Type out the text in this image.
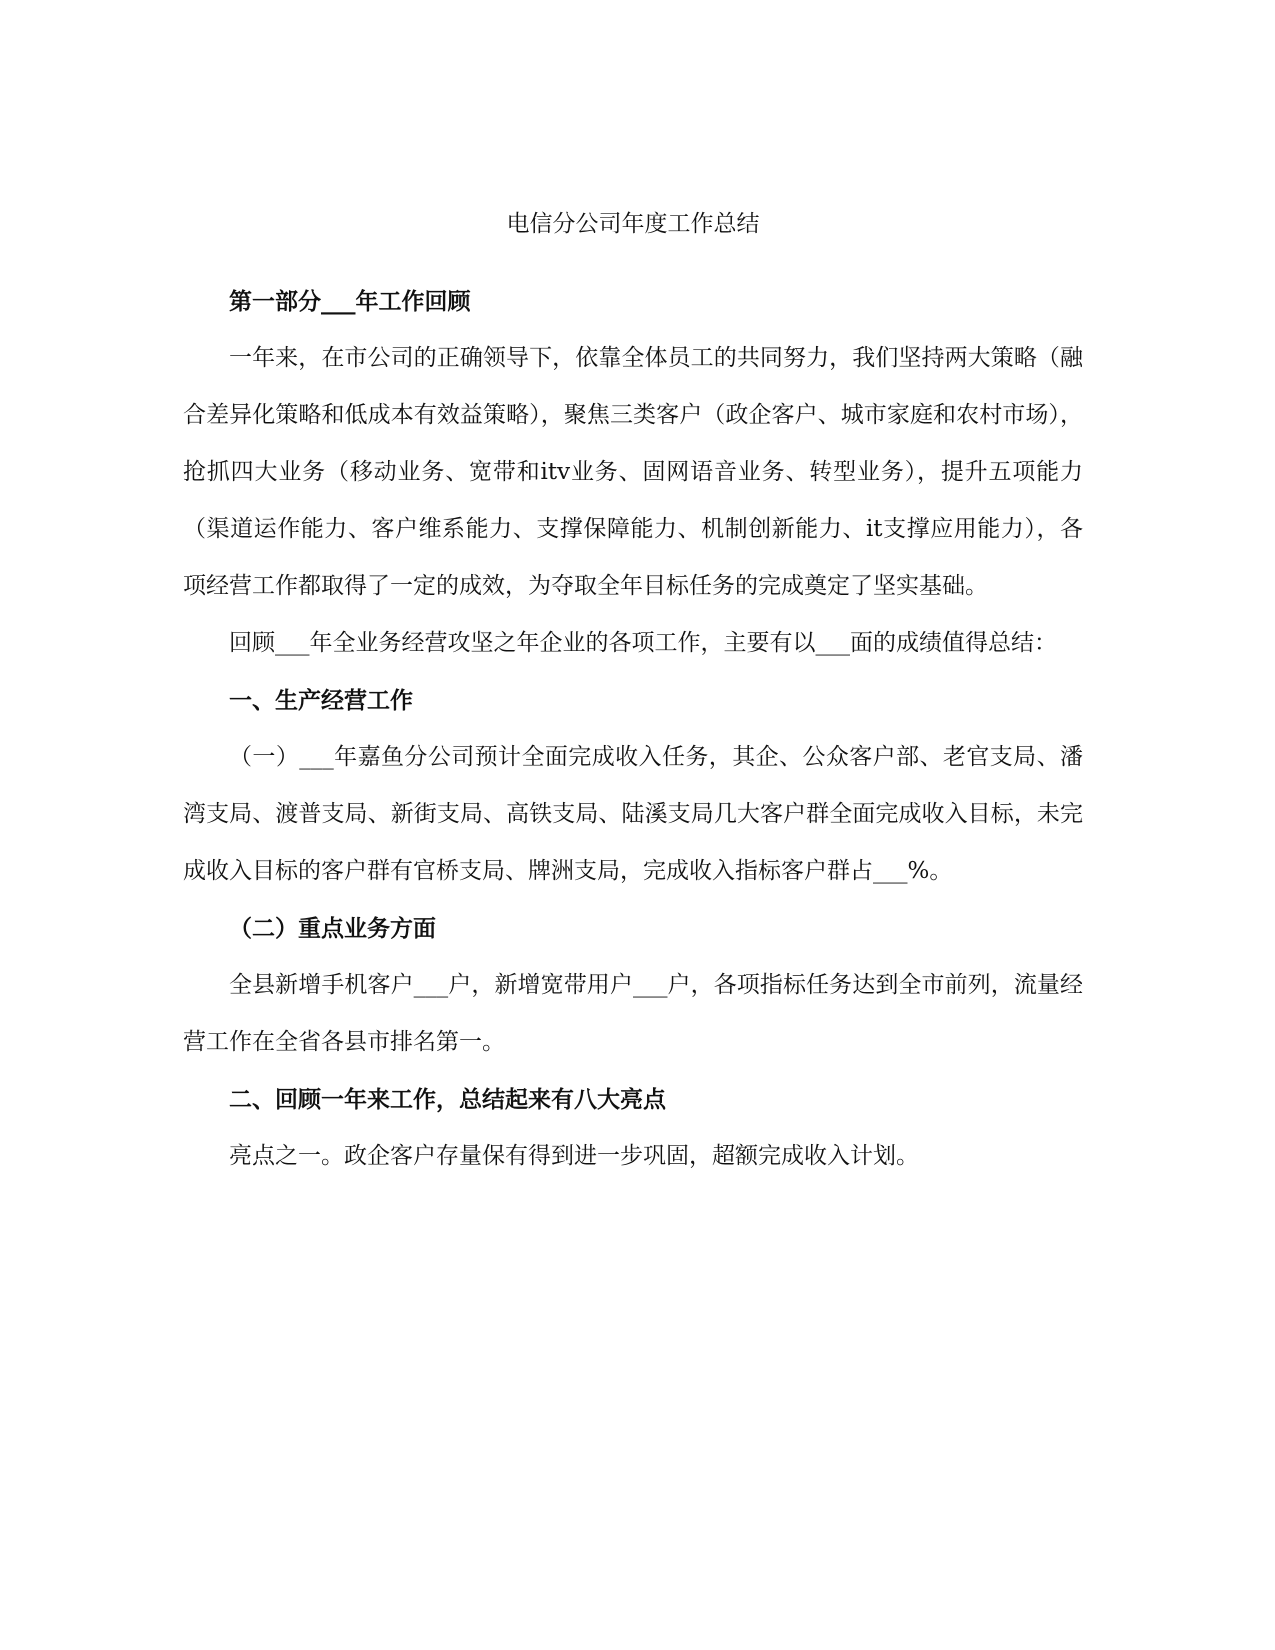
电信分公司年度工作总结

第一部分___年工作回顾

一年来，在市公司的正确领导下，依靠全体员工的共同努力，我们坚持两大策略（融合差异化策略和低成本有效益策略），聚焦三类客户（政企客户、城市家庭和农村市场），抢抓四大业务（移动业务、宽带和itv业务、固网语音业务、转型业务），提升五项能力（渠道运作能力、客户维系能力、支撑保障能力、机制创新能力、it支撑应用能力），各项经营工作都取得了一定的成效，为夺取全年目标任务的完成奠定了坚实基础。

回顾___年全业务经营攻坚之年企业的各项工作，主要有以___面的成绩值得总结：

一、生产经营工作

（一）___年嘉鱼分公司预计全面完成收入任务，其企、公众客户部、老官支局、潘湾支局、渡普支局、新街支局、高铁支局、陆溪支局几大客户群全面完成收入目标，未完成收入目标的客户群有官桥支局、牌洲支局，完成收入指标客户群占___%。

（二）重点业务方面

全县新增手机客户___户，新增宽带用户___户，各项指标任务达到全市前列，流量经营工作在全省各县市排名第一。

二、回顾一年来工作，总结起来有八大亮点

亮点之一。政企客户存量保有得到进一步巩固，超额完成收入计划。
